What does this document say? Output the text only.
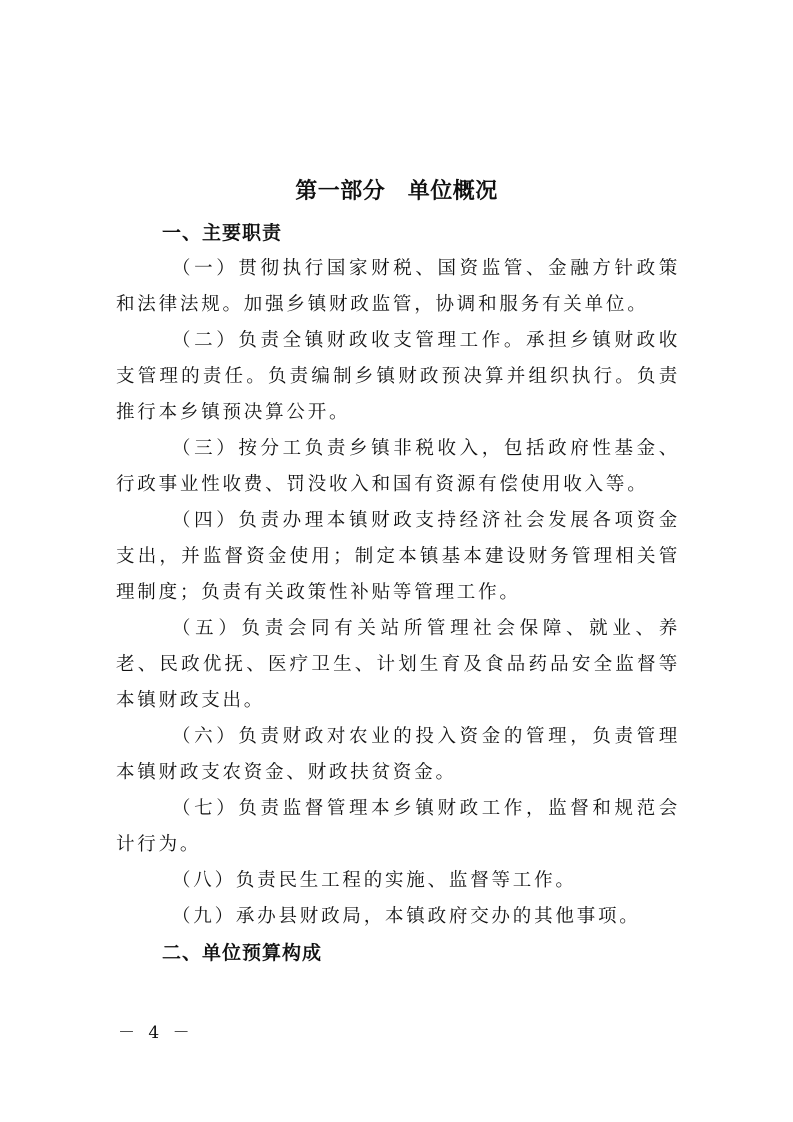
第一部分　单位概况
一、主要职责

（一）贯彻执行国家财税、国资监管、金融方针政策和法律法规。加强乡镇财政监管，协调和服务有关单位。

（二）负责全镇财政收支管理工作。承担乡镇财政收支管理的责任。负责编制乡镇财政预决算并组织执行。负责推行本乡镇预决算公开。

（三）按分工负责乡镇非税收入，包括政府性基金、行政事业性收费、罚没收入和国有资源有偿使用收入等。

（四）负责办理本镇财政支持经济社会发展各项资金支出，并监督资金使用；制定本镇基本建设财务管理相关管理制度；负责有关政策性补贴等管理工作。

（五）负责会同有关站所管理社会保障、就业、养老、民政优抚、医疗卫生、计划生育及食品药品安全监督等本镇财政支出。

（六）负责财政对农业的投入资金的管理，负责管理本镇财政支农资金、财政扶贫资金。

（七）负责监督管理本乡镇财政工作，监督和规范会计行为。

（八）负责民生工程的实施、监督等工作。

（九）承办县财政局，本镇政府交办的其他事项。

二、单位预算构成
－ 4 －
